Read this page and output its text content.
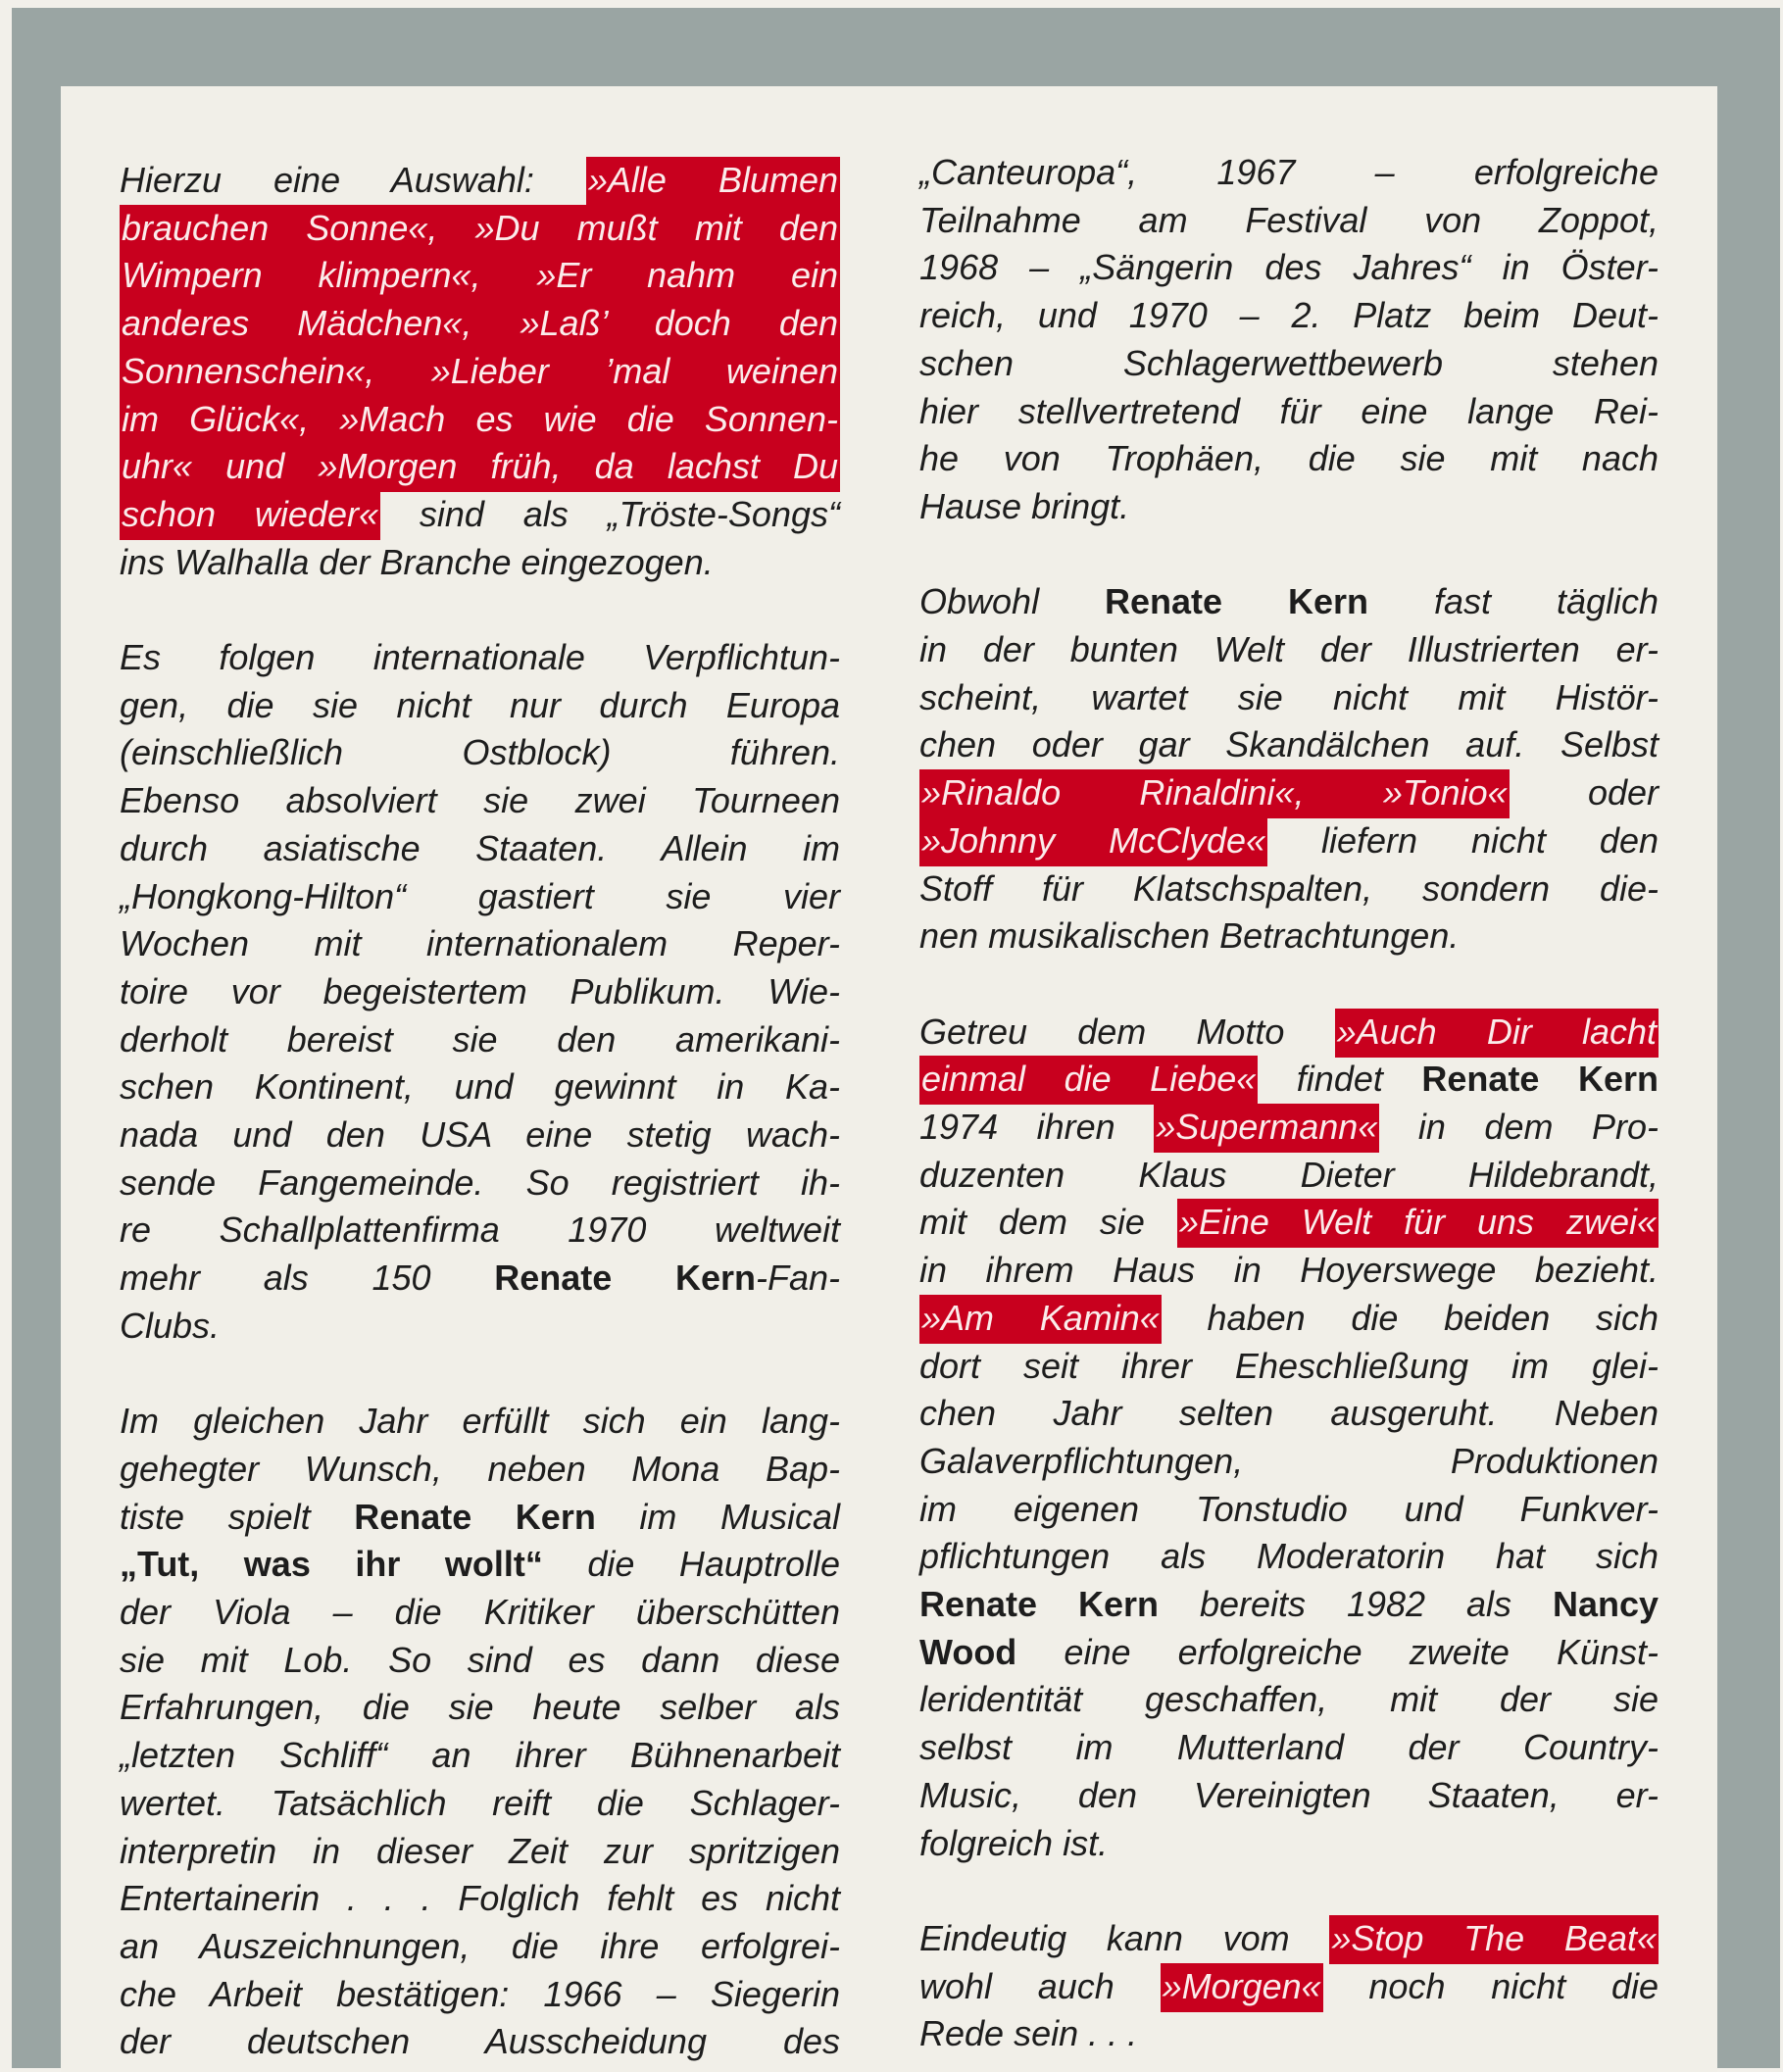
Hierzu eine Auswahl: »Alle Blumen
brauchen Sonne«, »Du mußt mit den
Wimpern klimpern«, »Er nahm ein
anderes Mädchen«, »Laß’ doch den
Sonnenschein«, »Lieber ’mal weinen
im Glück«, »Mach es wie die Sonnen-
uhr« und »Morgen früh, da lachst Du
schon wieder« sind als „Tröste-Songs“
ins Walhalla der Branche eingezogen.
Es folgen internationale Verpflichtun-
gen, die sie nicht nur durch Europa
(einschließlich Ostblock) führen.
Ebenso absolviert sie zwei Tourneen
durch asiatische Staaten. Allein im
„Hongkong-Hilton“ gastiert sie vier
Wochen mit internationalem Reper-
toire vor begeistertem Publikum. Wie-
derholt bereist sie den amerikani-
schen Kontinent, und gewinnt in Ka-
nada und den USA eine stetig wach-
sende Fangemeinde. So registriert ih-
re Schallplattenfirma 1970 weltweit
mehr als 150 Renate Kern-Fan-
Clubs.
Im gleichen Jahr erfüllt sich ein lang-
gehegter Wunsch, neben Mona Bap-
tiste spielt Renate Kern im Musical
„Tut, was ihr wollt“ die Hauptrolle
der Viola – die Kritiker überschütten
sie mit Lob. So sind es dann diese
Erfahrungen, die sie heute selber als
„letzten Schliff“ an ihrer Bühnenarbeit
wertet. Tatsächlich reift die Schlager-
interpretin in dieser Zeit zur spritzigen
Entertainerin . . . Folglich fehlt es nicht
an Auszeichnungen, die ihre erfolgrei-
che Arbeit bestätigen: 1966 – Siegerin
der deutschen Ausscheidung des
„Canteuropa“, 1967 – erfolgreiche
Teilnahme am Festival von Zoppot,
1968 – „Sängerin des Jahres“ in Öster-
reich, und 1970 – 2. Platz beim Deut-
schen Schlagerwettbewerb stehen
hier stellvertretend für eine lange Rei-
he von Trophäen, die sie mit nach
Hause bringt.
Obwohl Renate Kern fast täglich
in der bunten Welt der Illustrierten er-
scheint, wartet sie nicht mit Histör-
chen oder gar Skandälchen auf. Selbst
»Rinaldo Rinaldini«, »Tonio« oder
»Johnny McClyde« liefern nicht den
Stoff für Klatschspalten, sondern die-
nen musikalischen Betrachtungen.
Getreu dem Motto »Auch Dir lacht
einmal die Liebe« findet Renate Kern
1974 ihren »Supermann« in dem Pro-
duzenten Klaus Dieter Hildebrandt,
mit dem sie »Eine Welt für uns zwei«
in ihrem Haus in Hoyerswege bezieht.
»Am Kamin« haben die beiden sich
dort seit ihrer Eheschließung im glei-
chen Jahr selten ausgeruht. Neben
Galaverpflichtungen, Produktionen
im eigenen Tonstudio und Funkver-
pflichtungen als Moderatorin hat sich
Renate Kern bereits 1982 als Nancy
Wood eine erfolgreiche zweite Künst-
leridentität geschaffen, mit der sie
selbst im Mutterland der Country-
Music, den Vereinigten Staaten, er-
folgreich ist.
Eindeutig kann vom »Stop The Beat«
wohl auch »Morgen« noch nicht die
Rede sein . . .
